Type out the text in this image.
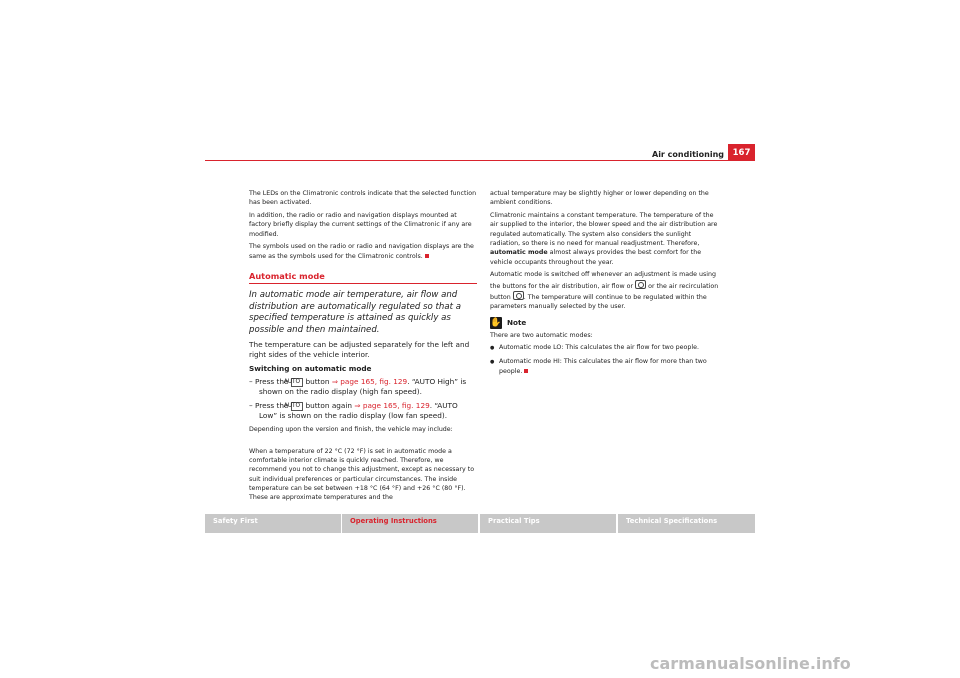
Air conditioning	167

The LEDs on the Climatronic controls indicate that the selected function has been activated.

In addition, the radio or radio and navigation displays mounted at factory briefly display the current settings of the Climatronic if any are modified.

The symbols used on the radio or radio and navigation displays are the same as the symbols used for the Climatronic controls.

Automatic mode

In automatic mode air temperature, air flow and distribution are automatically regulated so that a specified temperature is attained as quickly as possible and then maintained.

The temperature can be adjusted separately for the left and right sides of the vehicle interior.

Switching on automatic mode

– Press the AUTO button ⇒ page 165, fig. 129. “AUTO High” is shown on the radio display (high fan speed).

– Press the AUTO button again ⇒ page 165, fig. 129. “AUTO Low” is shown on the radio display (low fan speed).

Depending upon the version and finish, the vehicle may include:

When a temperature of 22 °C (72 °F) is set in automatic mode a comfortable interior climate is quickly reached. Therefore, we recommend you not to change this adjustment, except as necessary to suit individual preferences or particular circumstances. The inside temperature can be set between +18 °C (64 °F) and +26 °C (80 °F). These are approximate temperatures and the

actual temperature may be slightly higher or lower depending on the ambient conditions.

Climatronic maintains a constant temperature. The temperature of the air supplied to the interior, the blower speed and the air distribution are regulated automatically. The system also considers the sunlight radiation, so there is no need for manual readjustment. Therefore, automatic mode almost always provides the best comfort for the vehicle occupants throughout the year.

Automatic mode is switched off whenever an adjustment is made using the buttons for the air distribution, air flow or or the air recirculation button . The temperature will continue to be regulated within the parameters manually selected by the user.

✋ Note

There are two automatic modes:

● Automatic mode LO: This calculates the air flow for two people.

● Automatic mode HI: This calculates the air flow for more than two people.

Safety First	Operating Instructions	Practical Tips	Technical Specifications
carmanualsonline.info
